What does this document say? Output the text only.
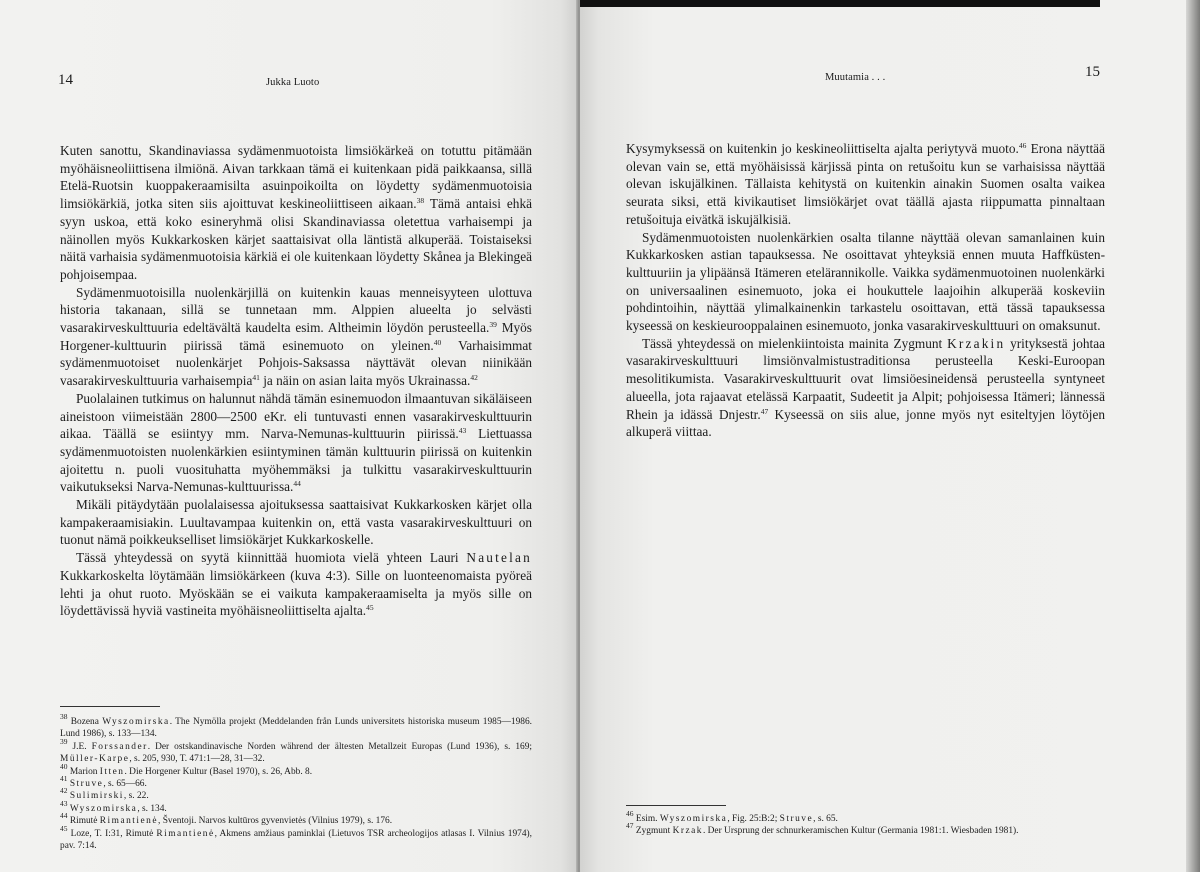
14	Jukka Luoto

Kuten sanottu, Skandinaviassa sydämenmuotoista limsiökärkeä on totuttu pitämään myöhäisneoliittisena ilmiönä. Aivan tarkkaan tämä ei kuitenkaan pidä paikkaansa, sillä Etelä-Ruotsin kuoppakeraamisilta asuinpoikoilta on löydetty sydämenmuotoisia limsiökärkiä, jotka siten siis ajoittuvat keskineoliittiseen aikaan.$^{38}$ Tämä antaisi ehkä syyn uskoa, että koko esineryhmä olisi Skandinaviassa oletettua varhaisempi ja näinollen myös Kukkarkosken kärjet saattaisivat olla läntistä alkuperää. Toistaiseksi näitä varhaisia sydämenmuotoisia kärkiä ei ole kuitenkaan löydetty Skånea ja Blekingeä pohjoisempaa.

Sydämenmuotoisilla nuolenkärjillä on kuitenkin kauas menneisyyteen ulottuva historia takanaan, sillä se tunnetaan mm. Alppien alueelta jo selvästi vasarakirveskulttuuria edeltävältä kaudelta esim. Altheimin löydön perusteella.$^{39}$ Myös Horgener-kulttuurin piirissä tämä esinemuoto on yleinen.$^{40}$ Varhaisimmat sydämenmuotoiset nuolenkärjet Pohjois-Saksassa näyttävät olevan niinikään vasarakirveskulttuuria varhaisempia$^{41}$ ja näin on asian laita myös Ukrainassa.$^{42}$

Puolalainen tutkimus on halunnut nähdä tämän esinemuodon ilmaantuvan sikäläiseen aineistoon viimeistään 2800—2500 eKr. eli tuntuvasti ennen vasarakirveskulttuurin aikaa. Täällä se esiintyy mm. Narva-Nemunas-kulttuurin piirissä.$^{43}$ Liettuassa sydämenmuotoisten nuolenkärkien esiintyminen tämän kulttuurin piirissä on kuitenkin ajoitettu n. puoli vuosituhatta myöhemmäksi ja tulkittu vasarakirveskulttuurin vaikutukseksi Narva-Nemunas-kulttuurissa.$^{44}$

Mikäli pitäydytään puolalaisessa ajoituksessa saattaisivat Kukkarkosken kärjet olla kampakeraamisiakin. Luultavampaa kuitenkin on, että vasta vasarakirveskulttuuri on tuonut nämä poikkeukselliset limsiökärjet Kukkarkoskelle.

Tässä yhteydessä on syytä kiinnittää huomiota vielä yhteen Lauri Nautelan Kukkarkoskelta löytämään limsiökärkeen (kuva 4:3). Sille on luonteenomaista pyöreä lehti ja ohut ruoto. Myöskään se ei vaikuta kampakeraamiselta ja myös sille on löydettävissä hyviä vastineita myöhäisneoliittiselta ajalta.$^{45}$

$^{38}$ Bozena Wyszomirska. The Nymölla projekt (Meddelanden från Lunds universitets historiska museum 1985—1986. Lund 1986), s. 133—134.

$^{39}$ J.E. Forssander. Der ostskandinavische Norden während der ältesten Metallzeit Europas (Lund 1936), s. 169; Müller-Karpe, s. 205, 930, T. 471:1—28, 31—32.

$^{40}$ Marion Itten. Die Horgener Kultur (Basel 1970), s. 26, Abb. 8.

$^{41}$ Struve, s. 65—66.

$^{42}$ Sulimirski, s. 22.

$^{43}$ Wyszomirska, s. 134.

$^{44}$ Rimutė Rimantienė, Šventoji. Narvos kultūros gyvenvietės (Vilnius 1979), s. 176.

$^{45}$ Loze, T. I:31, Rimutė Rimantienė, Akmens amžiaus paminklai (Lietuvos TSR archeologijos atlasas I. Vilnius 1974), pav. 7:14.

Muutamia . . .	15

Kysymyksessä on kuitenkin jo keskineoliittiselta ajalta periytyvä muoto.$^{46}$ Erona näyttää olevan vain se, että myöhäisissä kärjissä pinta on retušoitu kun se varhaisissa näyttää olevan iskujälkinen. Tällaista kehitystä on kuitenkin ainakin Suomen osalta vaikea seurata siksi, että kivikautiset limsiökärjet ovat täällä ajasta riippumatta pinnaltaan retušoituja eivätkä iskujälkisiä.

Sydämenmuotoisten nuolenkärkien osalta tilanne näyttää olevan samanlainen kuin Kukkarkosken astian tapauksessa. Ne osoittavat yhteyksiä ennen muuta Haffküsten-kulttuuriin ja ylipäänsä Itämeren etelärannikolle. Vaikka sydämenmuotoinen nuolenkärki on universaalinen esinemuoto, joka ei houkuttele laajoihin alkuperää koskeviin pohdintoihin, näyttää ylimalkainenkin tarkastelu osoittavan, että tässä tapauksessa kyseessä on keskieurooppalainen esinemuoto, jonka vasarakirveskulttuuri on omaksunut.

Tässä yhteydessä on mielenkiintoista mainita Zygmunt Krzakin yrityksestä johtaa vasarakirveskulttuuri limsiönvalmistustraditionsa perusteella Keski-Euroopan mesolitikumista. Vasarakirveskulttuurit ovat limsiöesineidensä perusteella syntyneet alueella, jota rajaavat etelässä Karpaatit, Sudeetit ja Alpit; pohjoisessa Itämeri; lännessä Rhein ja idässä Dnjestr.$^{47}$ Kyseessä on siis alue, jonne myös nyt esiteltyjen löytöjen alkuperä viittaa.

$^{46}$ Esim. Wyszomirska, Fig. 25:B:2; Struve, s. 65.

$^{47}$ Zygmunt Krzak. Der Ursprung der schnurkeramischen Kultur (Germania 1981:1. Wiesbaden 1981).
